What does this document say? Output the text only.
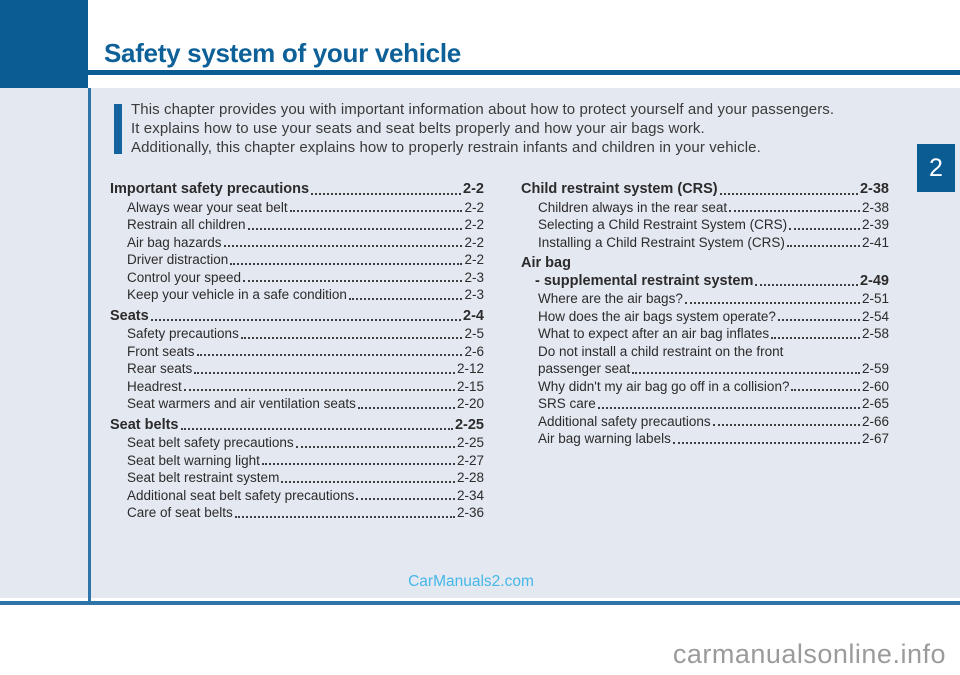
Safety system of your vehicle
This chapter provides you with important information about how to protect yourself and your passengers.
It explains how to use your seats and seat belts properly and how your air bags work.
Additionally, this chapter explains how to properly restrain infants and children in your vehicle.
2
Important safety precautions	2-2
Always wear your seat belt	2-2
Restrain all children	2-2
Air bag hazards	2-2
Driver distraction	2-2
Control your speed	2-3
Keep your vehicle in a safe condition	2-3
Seats	2-4
Safety precautions	2-5
Front seats	2-6
Rear seats	2-12
Headrest	2-15
Seat warmers and air ventilation seats	2-20
Seat belts	2-25
Seat belt safety precautions	2-25
Seat belt warning light	2-27
Seat belt restraint system	2-28
Additional seat belt safety precautions	2-34
Care of seat belts	2-36
Child restraint system (CRS)	2-38
Children always in the rear seat	2-38
Selecting a Child Restraint System (CRS)	2-39
Installing a Child Restraint System (CRS)	2-41
Air bag
- supplemental restraint system	2-49
Where are the air bags?	2-51
How does the air bags system operate?	2-54
What to expect after an air bag inflates	2-58
Do not install a child restraint on the front
passenger seat	2-59
Why didn't my air bag go off in a collision?	2-60
SRS care	2-65
Additional safety precautions	2-66
Air bag warning labels	2-67
CarManuals2.com
carmanualsonline.info
